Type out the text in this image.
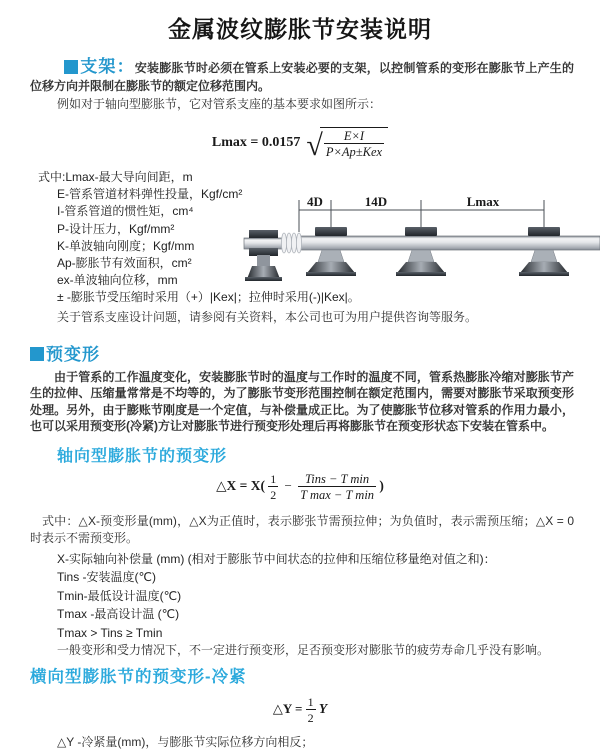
金属波纹膨胀节安装说明

支架：安装膨胀节时必须在管系上安装必要的支架，以控制管系的变形在膨胀节上产生的位移方向并限制在膨胀节的额定位移范围内。

例如对于轴向型膨胀节，它对管系支座的基本要求如图所示：

Lmax = 0.0157 √ $\frac{E\times I}{\text{P×Ap±Kex}}$
式中:Lmax-最大导向间距，m
E-管系管道材料弹性投量，Kgf/cm²
I-管系管道的惯性矩，cm⁴
P-设计压力，Kgf/mm²
K-单波轴向刚度；Kgf/mm
Ap-膨胀节有效面积，cm²
ex-单波轴向位移，mm
± -膨胀节受压缩时采用（+）|Kex|；拉伸时采用(-)|Kex|。

关于管系支座设计问题，请参阅有关资料，本公司也可为用户提供咨询等服务。

4D	14D	Lmax
预变形

由于管系的工作温度变化，安装膨胀节时的温度与工作时的温度不同，管系热膨胀冷缩对膨胀节产生的拉伸、压缩量常常是不均等的，为了膨胀节变形范围控制在额定范围内，需要对膨胀节采取预变形处理。另外，由于膨账节刚度是一个定值，与补偿量成正比。为了使膨胀节位移对管系的作用力最小，也可以采用预变形(冷紧)方让对膨胀节进行预变形处理后再将膨胀节在预变形状态下安装在管系中。

轴向型膨胀节的预变形
△X = $X( \frac{1}{2} - \frac{\text{Tins − T min}}{\text{T max − T min}}$ )

式中：△X-预变形量(mm)，△X为正值时，表示膨张节需预拉伸；为负值时，表示需预压缩；△X = 0时表示不需预变形。

X-实际轴向补偿量 (mm) (相对于膨胀节中间状态的拉伸和压缩位移量绝对值之和)：
Tins -安装温度(℃)
Tmin-最低设计温度(℃)
Tmax -最高设计温 (℃)
Tmax > Tins ≥ Tmin

一般变形和受力情况下，不一定进行预变形，足否预变形对膨胀节的疲劳寿命几乎没有影响。

横向型膨胀节的预变形-冷紧
△Y = $\frac{1}{2}$ Y

△Y -冷紧量(mm)，与膨胀节实际位移方向相反；
